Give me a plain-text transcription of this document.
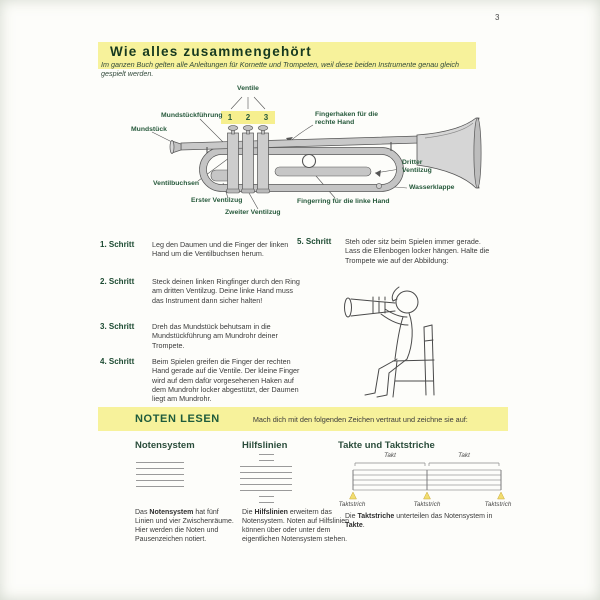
3
Wie alles zusammengehört
Im ganzen Buch gelten alle Anleitungen für Kornette und Trompeten, weil diese beiden Instrumente genau gleich gespielt werden.
Ventile
1 2 3	Fingerhaken für die rechte Hand
Mundstückführung
Mundstück
Ventilbuchsen
Erster Ventilzug
Zweiter Ventilzug
Dritter Ventilzug
Wasserklappe
Fingerring für die linke Hand
1. Schritt Leg den Daumen und die Finger der linken Hand um die Ventilbuchsen herum.
2. Schritt Steck deinen linken Ringfinger durch den Ring am dritten Ventilzug. Deine linke Hand muss das Instrument dann sicher halten!
3. Schritt Dreh das Mundstück behutsam in die Mundstückführung am Mundrohr deiner Trompete.
4. Schritt Beim Spielen greifen die Finger der rechten Hand gerade auf die Ventile. Der kleine Finger wird auf dem dafür vorgesehenen Haken auf dem Mundrohr locker abgestützt, der Daumen liegt am Mundrohr.
5. Schritt Steh oder sitz beim Spielen immer gerade. Lass die Ellenbogen locker hängen. Halte die Trompete wie auf der Abbildung:
NOTEN LESEN	Mach dich mit den folgenden Zeichen vertraut und zeichne sie auf:
Notensystem
Das Notensystem hat fünf Linien und vier Zwischenräume. Hier werden die Noten und Pausenzeichen notiert.
Hilfslinien
Die Hilfslinien erweitern das Notensystem. Noten auf Hilfslinien können über oder unter dem eigentlichen Notensystem stehen.
Takte und Taktstriche
Takt	Takt
Taktstrich	Taktstrich	Taktstrich
Die Taktstriche unterteilen das Notensystem in Takte.
